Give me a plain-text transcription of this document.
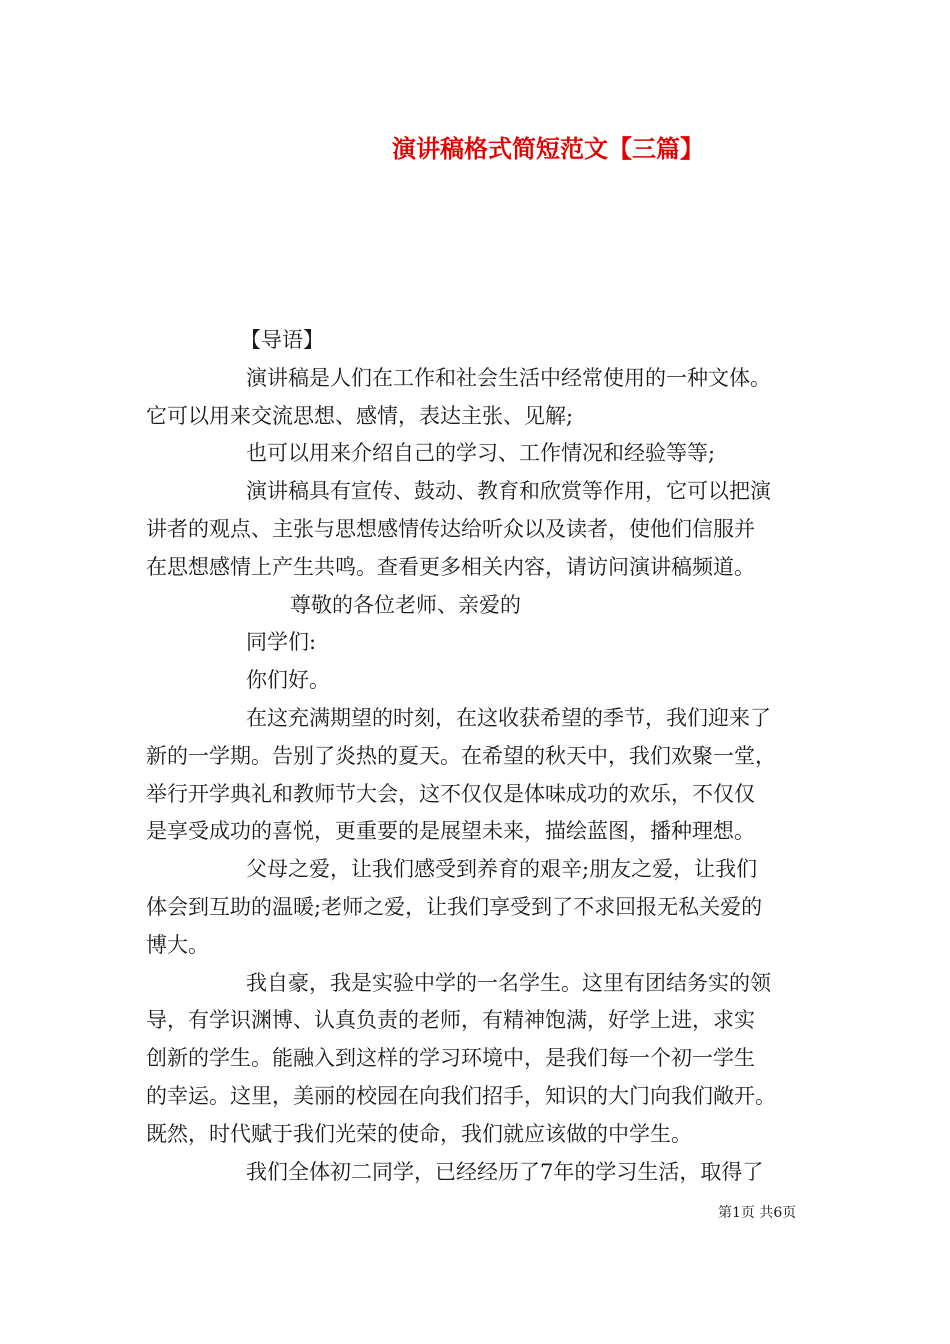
演讲稿格式简短范文【三篇】
【导语】
演讲稿是人们在工作和社会生活中经常使用的一种文体。
它可以用来交流思想、感情，表达主张、见解;
也可以用来介绍自己的学习、工作情况和经验等等;
演讲稿具有宣传、鼓动、教育和欣赏等作用，它可以把演
讲者的观点、主张与思想感情传达给听众以及读者，使他们信服并
在思想感情上产生共鸣。查看更多相关内容，请访问演讲稿频道。
尊敬的各位老师、亲爱的
同学们:
你们好。
在这充满期望的时刻，在这收获希望的季节，我们迎来了
新的一学期。告别了炎热的夏天。在希望的秋天中，我们欢聚一堂，
举行开学典礼和教师节大会，这不仅仅是体味成功的欢乐，不仅仅
是享受成功的喜悦，更重要的是展望未来，描绘蓝图，播种理想。
父母之爱，让我们感受到养育的艰辛;朋友之爱，让我们
体会到互助的温暖;老师之爱，让我们享受到了不求回报无私关爱的
博大。
我自豪，我是实验中学的一名学生。这里有团结务实的领
导，有学识渊博、认真负责的老师，有精神饱满，好学上进，求实
创新的学生。能融入到这样的学习环境中，是我们每一个初一学生
的幸运。这里，美丽的校园在向我们招手，知识的大门向我们敞开。
既然，时代赋于我们光荣的使命，我们就应该做的中学生。
我们全体初二同学，已经经历了7年的学习生活，取得了
第1页 共6页
